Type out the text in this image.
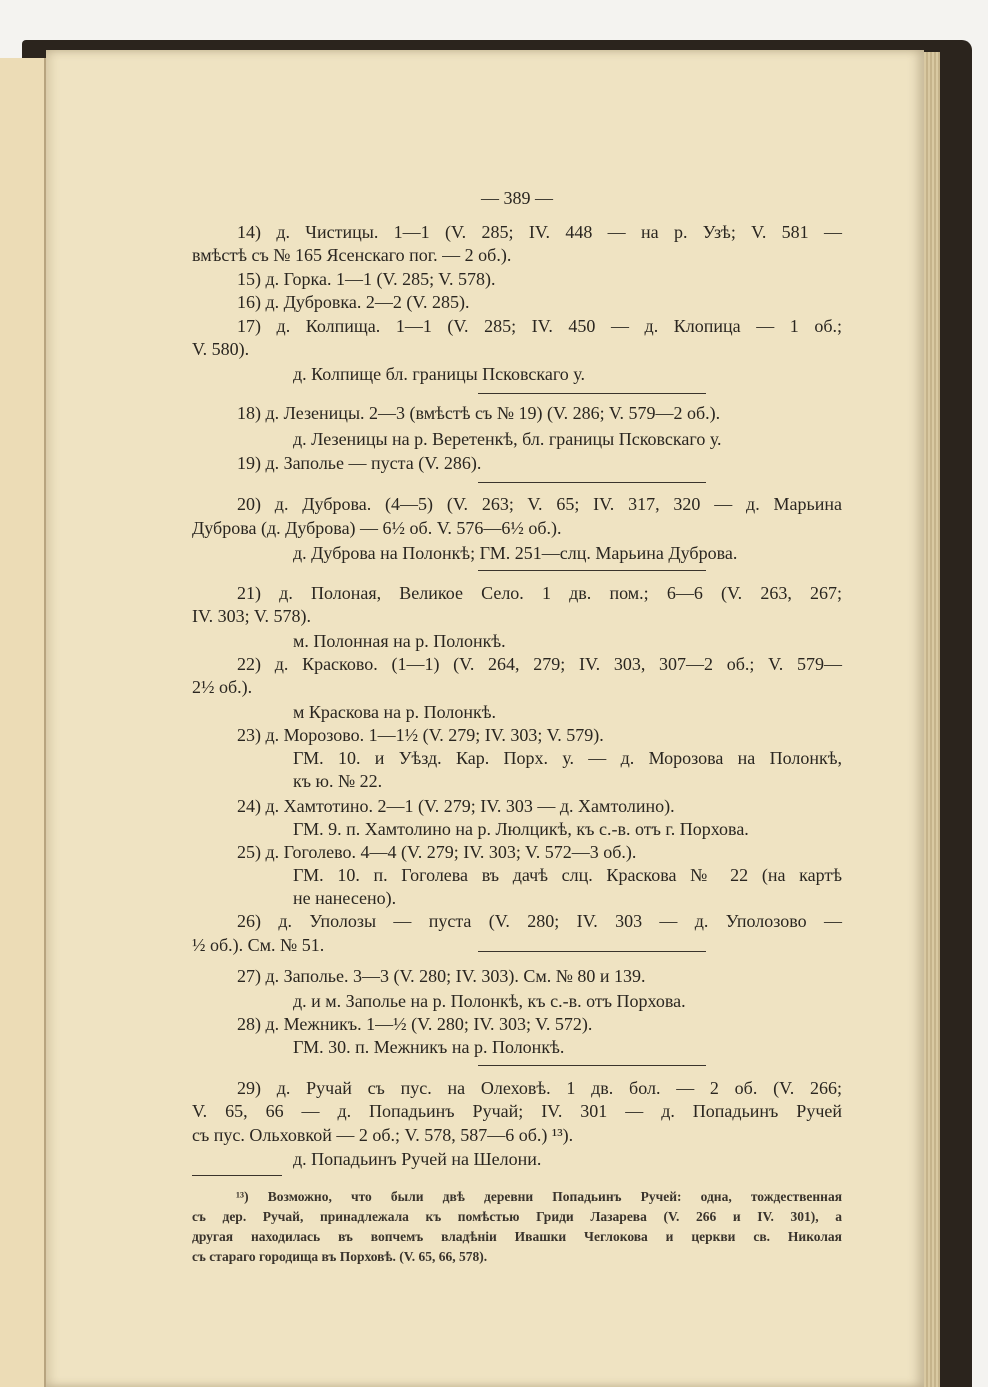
— 389 —
14) д. Чистицы. 1—1 (V. 285; IV. 448 — на р. Узѣ; V. 581 —
вмѣстѣ съ № 165 Ясенскаго пог. — 2 об.).
15) д. Горка. 1—1 (V. 285; V. 578).
16) д. Дубровка. 2—2 (V. 285).
17) д. Колпища. 1—1 (V. 285; IV. 450 — д. Клопица — 1 об.;
V. 580).
д. Колпище бл. границы Псковскаго у.
18) д. Лезеницы. 2—3 (вмѣстѣ съ № 19) (V. 286; V. 579—2 об.).
д. Лезеницы на р. Веретенкѣ, бл. границы Псковскаго у.
19) д. Заполье — пуста (V. 286).
20) д. Дуброва. (4—5) (V. 263; V. 65; IV. 317, 320 — д. Марьина
Дуброва (д. Дуброва) — 6½ об. V. 576—6½ об.).
д. Дуброва на Полонкѣ; ГМ. 251—слц. Марьина Дуброва.
21) д. Полоная, Великое Село. 1 дв. пом.; 6—6 (V. 263, 267;
IV. 303; V. 578).
м. Полонная на р. Полонкѣ.
22) д. Красково. (1—1) (V. 264, 279; IV. 303, 307—2 об.; V. 579—
2½ об.).
м Краскова на р. Полонкѣ.
23) д. Морозово. 1—1½ (V. 279; IV. 303; V. 579).
ГМ. 10. и Уѣзд. Кар. Порх. у. — д. Морозова на Полонкѣ,
къ ю. № 22.
24) д. Хамтотино. 2—1 (V. 279; IV. 303 — д. Хамтолино).
ГМ. 9. п. Хамтолино на р. Люлцикѣ, къ с.-в. отъ г. Порхова.
25) д. Гоголево. 4—4 (V. 279; IV. 303; V. 572—3 об.).
ГМ. 10. п. Гоголева въ дачѣ слц. Краскова № 22 (на картѣ
не нанесено).
26) д. Уполозы — пуста (V. 280; IV. 303 — д. Уполозово —
½ об.). См. № 51.
27) д. Заполье. 3—3 (V. 280; IV. 303). См. № 80 и 139.
д. и м. Заполье на р. Полонкѣ, къ с.-в. отъ Порхова.
28) д. Межникъ. 1—½ (V. 280; IV. 303; V. 572).
ГМ. 30. п. Межникъ на р. Полонкѣ.
29) д. Ручай съ пус. на Олеховѣ. 1 дв. бол. — 2 об. (V. 266;
V. 65, 66 — д. Попадьинъ Ручай; IV. 301 — д. Попадьинъ Ручей
съ пус. Ольховкой — 2 об.; V. 578, 587—6 об.) ¹³).
д. Попадьинъ Ручей на Шелони.
¹³) Возможно, что были двѣ деревни Попадьинъ Ручей: одна, тождественная
съ дер. Ручай, принадлежала къ помѣстью Гриди Лазарева (V. 266 и IV. 301), а
другая находилась въ вопчемъ владѣніи Ивашки Чеглокова и церкви св. Николая
съ стараго городища въ Порховѣ. (V. 65, 66, 578).
